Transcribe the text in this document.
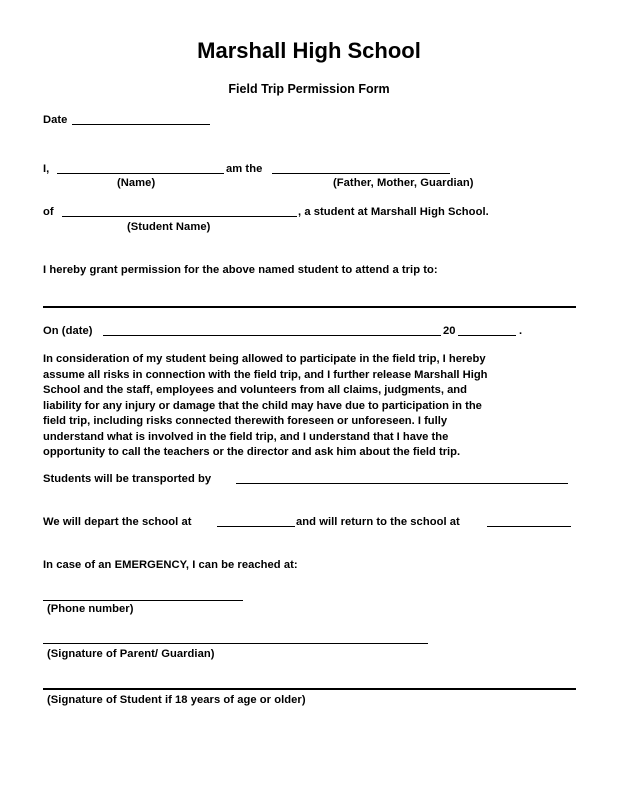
Marshall High School
Field Trip Permission Form
Date
I,	am the
(Name)	(Father, Mother, Guardian)
of	, a student at Marshall High School.
(Student Name)
I hereby grant permission for the above named student to attend a trip to:
On (date)	20	.
In consideration of my student being allowed to participate in the field trip, I hereby
assume all risks in connection with the field trip, and I further release Marshall High
School and the staff, employees and volunteers from all claims, judgments, and
liability for any injury or damage that the child may have due to participation in the
field trip, including risks connected therewith foreseen or unforeseen. I fully
understand what is involved in the field trip, and I understand that I have the
opportunity to call the teachers or the director and ask him about the field trip.
Students will be transported by
We will depart the school at	and will return to the school at
In case of an EMERGENCY, I can be reached at:
(Phone number)
(Signature of Parent/ Guardian)
(Signature of Student if 18 years of age or older)
